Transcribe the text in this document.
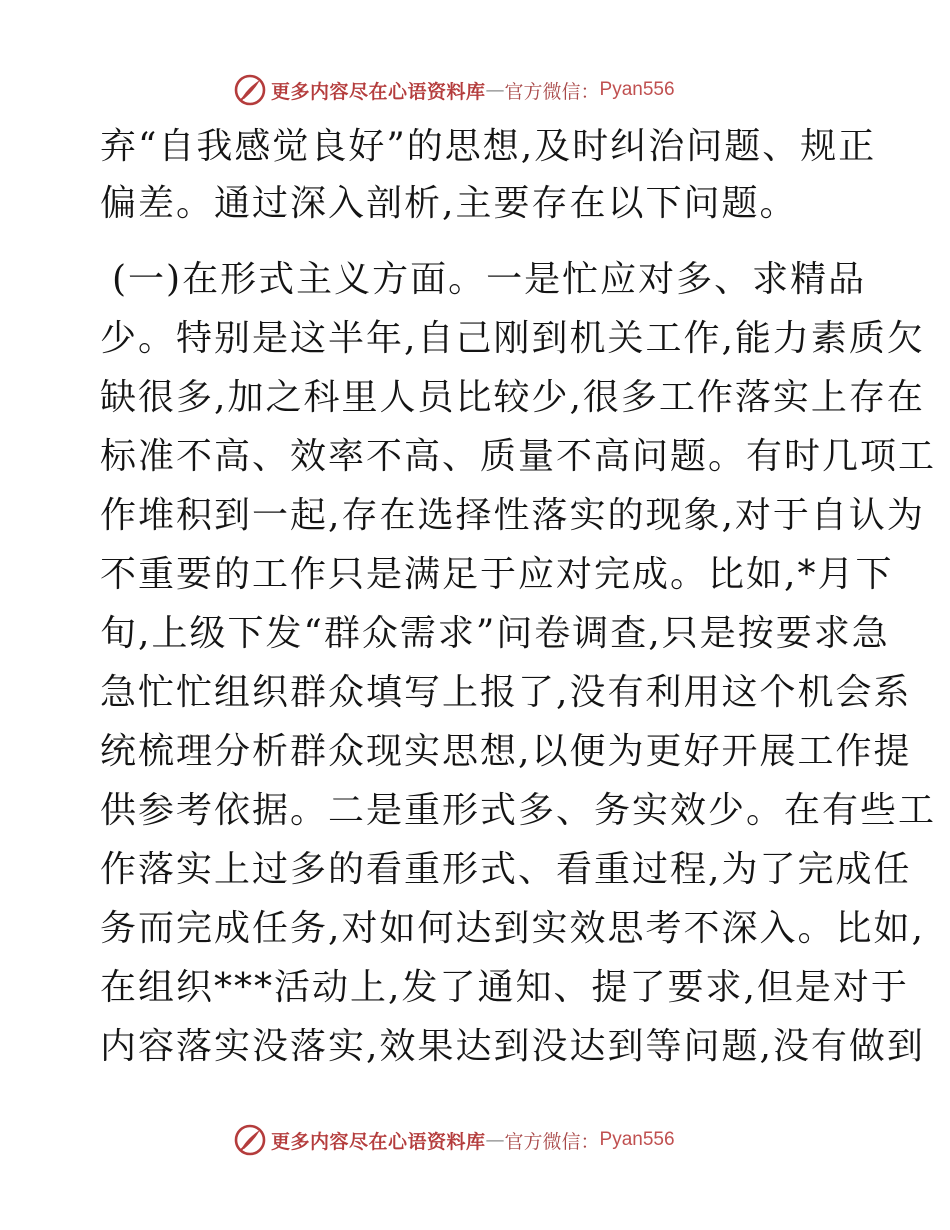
更多内容尽在心语资料库 — 官方微信： Pyan556
弃“自我感觉良好”的思想,及时纠治问题、规正
偏差。通过深入剖析,主要存在以下问题。
(一)在形式主义方面。一是忙应对多、求精品
少。特别是这半年,自己刚到机关工作,能力素质欠
缺很多,加之科里人员比较少,很多工作落实上存在
标准不高、效率不高、质量不高问题。有时几项工
作堆积到一起,存在选择性落实的现象,对于自认为
不重要的工作只是满足于应对完成。比如,*月下
旬,上级下发“群众需求”问卷调查,只是按要求急
急忙忙组织群众填写上报了,没有利用这个机会系
统梳理分析群众现实思想,以便为更好开展工作提
供参考依据。二是重形式多、务实效少。在有些工
作落实上过多的看重形式、看重过程,为了完成任
务而完成任务,对如何达到实效思考不深入。比如,
在组织***活动上,发了通知、提了要求,但是对于
内容落实没落实,效果达到没达到等问题,没有做到
更多内容尽在心语资料库 — 官方微信： Pyan556
